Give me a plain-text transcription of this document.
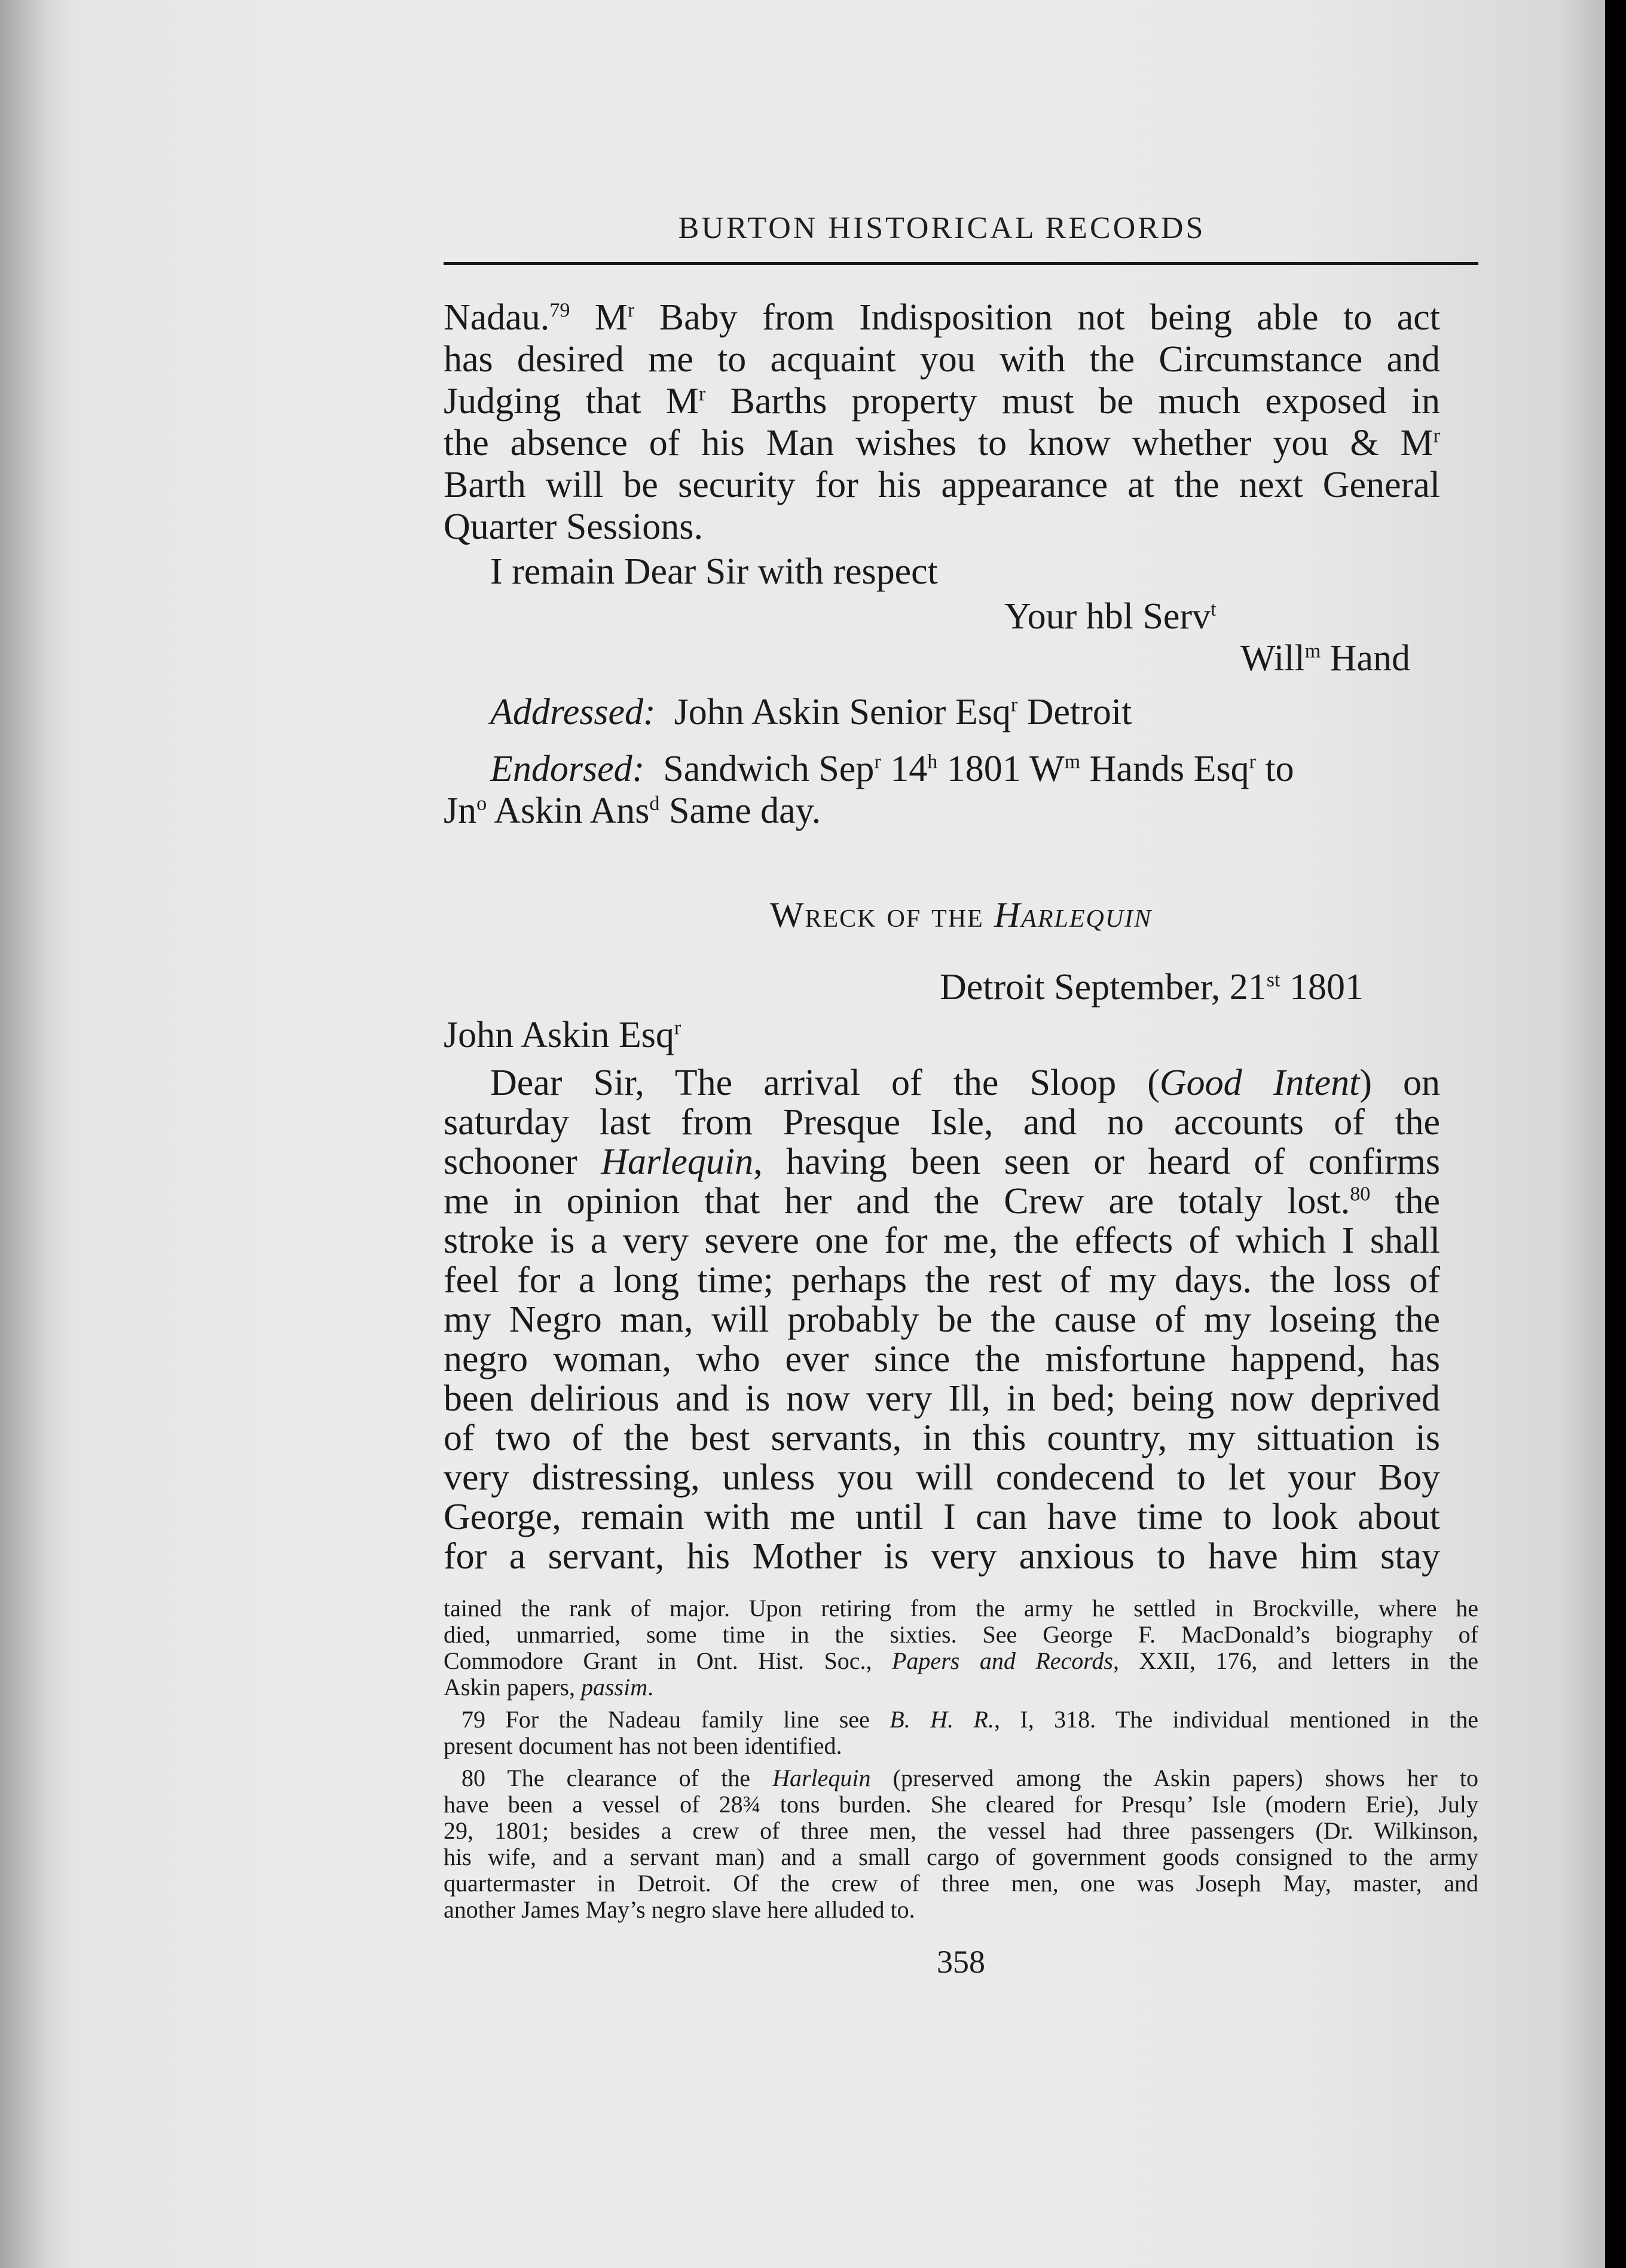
BURTON HISTORICAL RECORDS
Nadau.$^{79}$ $M^r$ Baby from Indisposition not being able to act
has desired me to acquaint you with the Circumstance and
Judging that $M^r$ Barths property must be much exposed in
the absence of his Man wishes to know whether you & $M^r$
Barth will be security for his appearance at the next General
Quarter Sessions.
I remain Dear Sir with respect
Your hbl Serv$^t$
Will$^m$ Hand
Addressed: John Askin Senior Esq$^r$ Detroit
Endorsed: Sandwich Sep$^r$ 14$^h$ 1801 $W^m$ Hands Esq$^r$ to
Jn$^o$ Askin Ans$^d$ Same day.
Wreck of the Harlequin
Detroit September, 21st 1801
John Askin Esq$^r$
Dear Sir, The arrival of the Sloop (Good Intent) on
saturday last from Presque Isle, and no accounts of the
schooner Harlequin, having been seen or heard of confirms
me in opinion that her and the Crew are totaly lost.$^{80}$ the
stroke is a very severe one for me, the effects of which I shall
feel for a long time; perhaps the rest of my days. the loss of
my Negro man, will probably be the cause of my loseing the
negro woman, who ever since the misfortune happend, has
been delirious and is now very Ill, in bed; being now deprived
of two of the best servants, in this country, my sittuation is
very distressing, unless you will condecend to let your Boy
George, remain with me until I can have time to look about
for a servant, his Mother is very anxious to have him stay
tained the rank of major. Upon retiring from the army he settled in Brockville, where he
died, unmarried, some time in the sixties. See George F. MacDonald’s biography of
Commodore Grant in Ont. Hist. Soc., Papers and Records, XXII, 176, and letters in the
Askin papers, passim.
79 For the Nadeau family line see B. H. R., I, 318. The individual mentioned in the
present document has not been identified.
80 The clearance of the Harlequin (preserved among the Askin papers) shows her to
have been a vessel of 28¾ tons burden. She cleared for Presqu’ Isle (modern Erie), July
29, 1801; besides a crew of three men, the vessel had three passengers (Dr. Wilkinson,
his wife, and a servant man) and a small cargo of government goods consigned to the army
quartermaster in Detroit. Of the crew of three men, one was Joseph May, master, and
another James May’s negro slave here alluded to.
358
